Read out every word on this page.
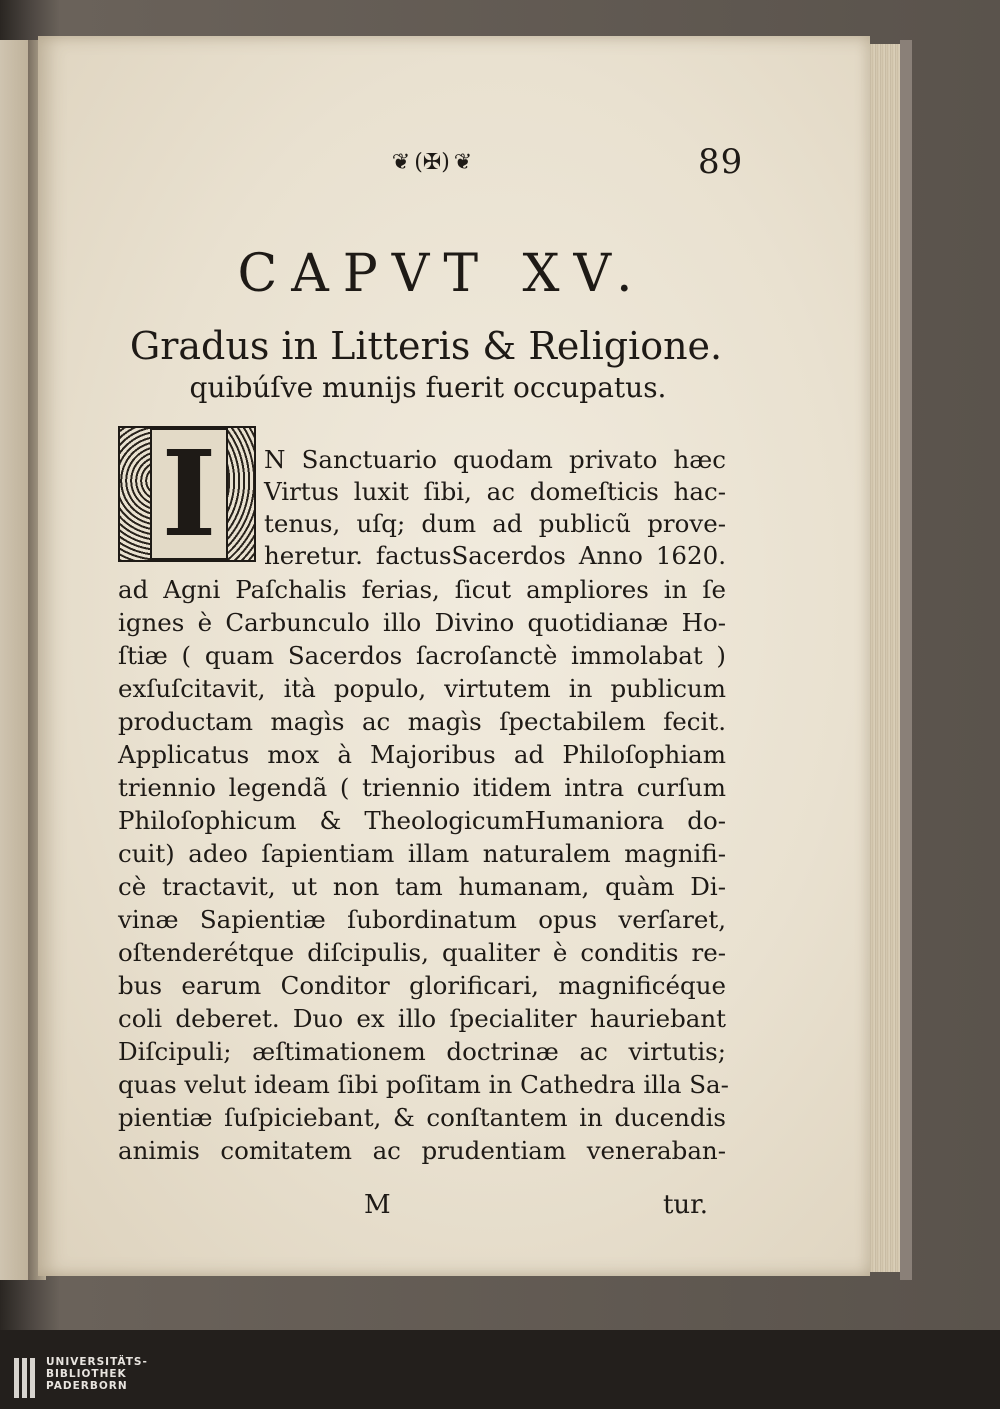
❦ (✠) ❦	89
CAPVT XV.
Gradus in Litteris & Religione.
quibúſve munijs fuerit occupatus.
I	N Sanctuario quodam privato hæc
Virtus luxit ſibi, ac domeſticis hac-
tenus, uſq; dum ad publicũ prove-
heretur. factusSacerdos Anno 1620.
ad Agni Paſchalis ferias, ſicut ampliores in ſe
ignes è Carbunculo illo Divino quotidianæ Ho-
ſtiæ ( quam Sacerdos ſacroſanctè immolabat )
exſuſcitavit, ità populo, virtutem in publicum
productam magìs ac magìs ſpectabilem fecit.
Applicatus mox à Majoribus ad Philoſophiam
triennio legendã ( triennio itidem intra curſum
Philoſophicum & TheologicumHumaniora do-
cuit) adeo ſapientiam illam naturalem magnifi-
cè tractavit, ut non tam humanam, quàm Di-
vinæ Sapientiæ ſubordinatum opus verſaret,
oſtenderétque diſcipulis, qualiter è conditis re-
bus earum Conditor glorificari, magnificéque
coli deberet. Duo ex illo ſpecialiter hauriebant
Diſcipuli; æſtimationem doctrinæ ac virtutis;
quas velut ideam ſibi poſitam in Cathedra illa Sa-
pientiæ ſuſpiciebant, & conſtantem in ducendis
animis comitatem ac prudentiam veneraban-
M	tur.
UNIVERSITÄTS-
BIBLIOTHEK
PADERBORN
